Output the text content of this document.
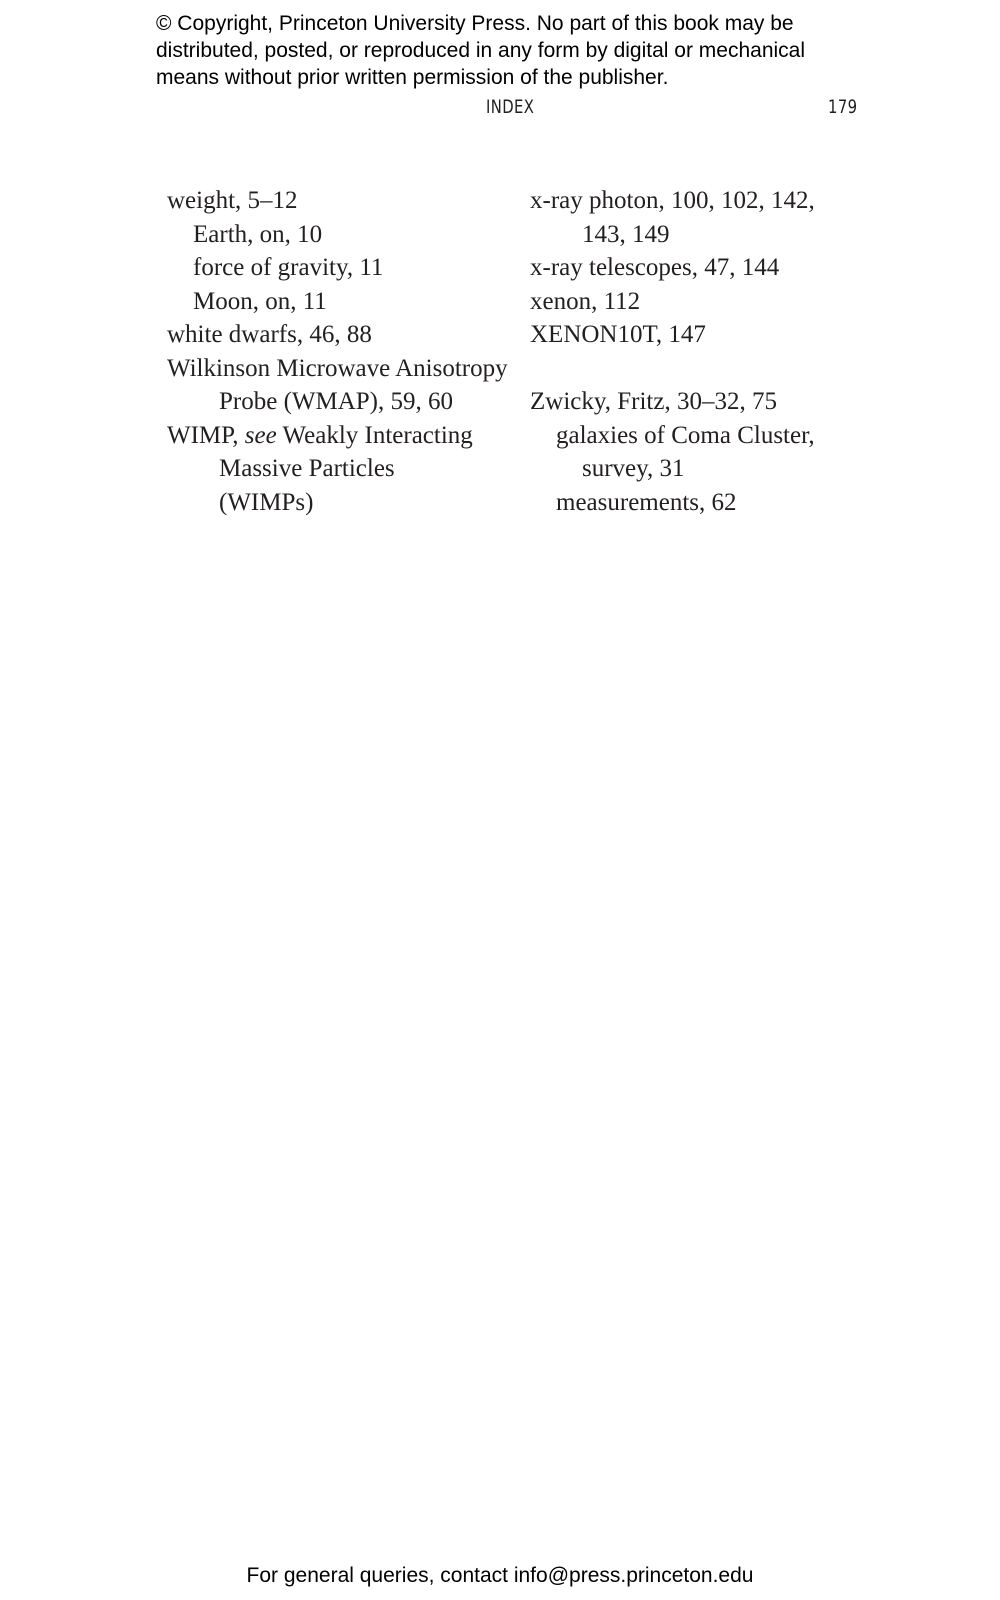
© Copyright, Princeton University Press. No part of this book may be
distributed, posted, or reproduced in any form by digital or mechanical
means without prior written permission of the publisher.
INDEX	179
weight, 5–12
Earth, on, 10
force of gravity, 11
Moon, on, 11
white dwarfs, 46, 88
Wilkinson Microwave Anisotropy
Probe (WMAP), 59, 60
WIMP, see Weakly Interacting
Massive Particles
(WIMPs)
x-ray photon, 100, 102, 142,
143, 149
x-ray telescopes, 47, 144
xenon, 112
XENON10T, 147
Zwicky, Fritz, 30–32, 75
galaxies of Coma Cluster,
survey, 31
measurements, 62
For general queries, contact info@press.princeton.edu
